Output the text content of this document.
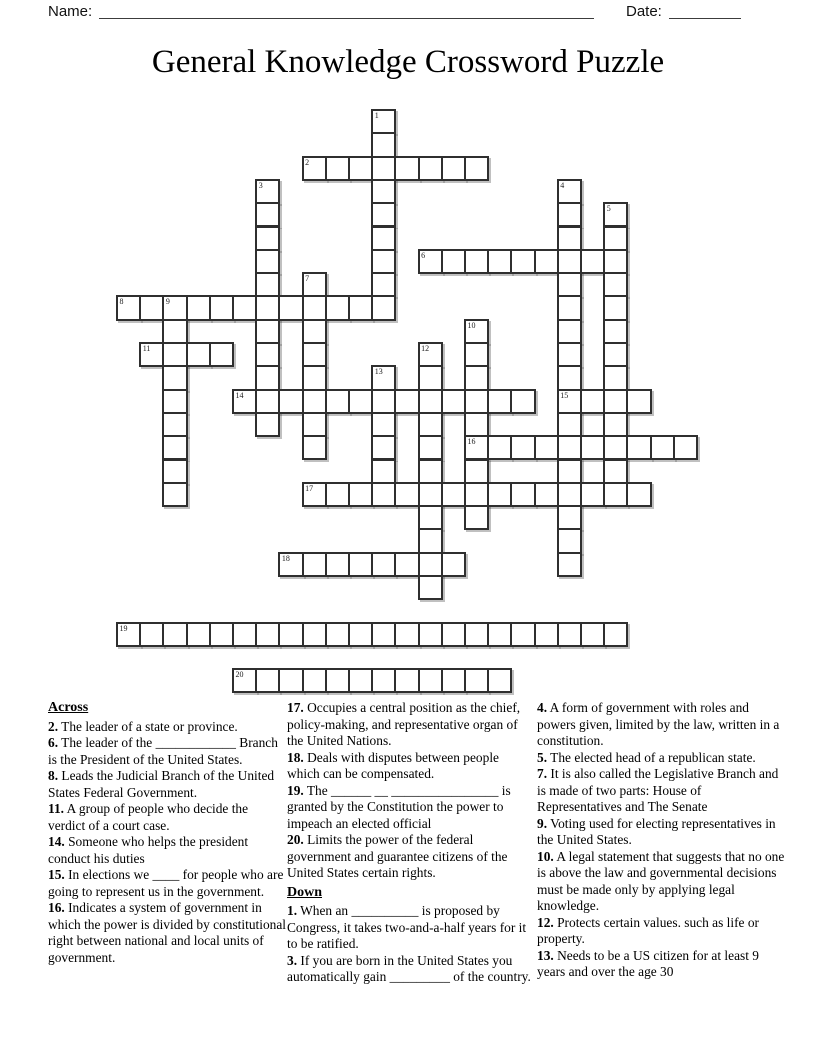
Name:	Date:
General Knowledge Crossword Puzzle
1
2
3	4
5
6
7
8	9
10
11	12
13
14	15
16
17
18
19
20
Across
2. The leader of a state or province.
6. The leader of the ____________ Branch is the President of the United States.
8. Leads the Judicial Branch of the United States Federal Government.
11. A group of people who decide the verdict of a court case.
14. Someone who helps the president conduct his duties
15. In elections we ____ for people who are going to represent us in the government.
16. Indicates a system of government in which the power is divided by constitutional right between national and local units of government.
17. Occupies a central position as the chief, policy-making, and representative organ of the United Nations.
18. Deals with disputes between people which can be compensated.
19. The ______ __ ________________ is granted by the Constitution the power to impeach an elected official
20. Limits the power of the federal government and guarantee citizens of the United States certain rights.
Down
1. When an __________ is proposed by Congress, it takes two-and-a-half years for it to be ratified.
3. If you are born in the United States you automatically gain _________ of the country.
4. A form of government with roles and powers given, limited by the law, written in a constitution.
5. The elected head of a republican state.
7. It is also called the Legislative Branch and is made of two parts: House of Representatives and The Senate
9. Voting used for electing representatives in the United States.
10. A legal statement that suggests that no one is above the law and governmental decisions must be made only by applying legal knowledge.
12. Protects certain values. such as life or property.
13. Needs to be a US citizen for at least 9 years and over the age 30
